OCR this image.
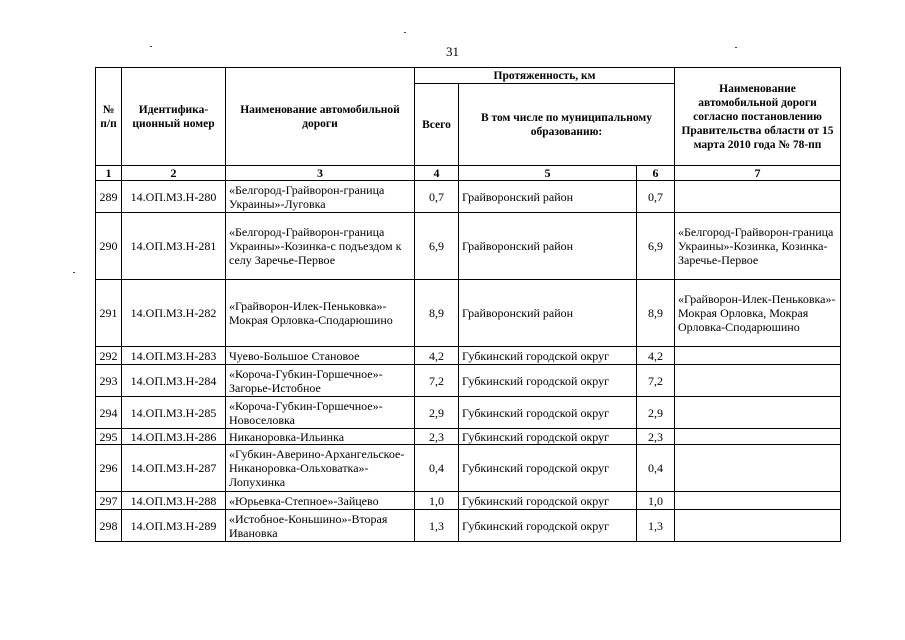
31
№ п/п	Идентифика-ционный номер	Наименование автомобильной дороги	Протяженность, км			Наименование автомобильной дороги согласно постановлению Правительства области от 15 марта 2010 года № 78-пп
			Всего	В том числе по муниципальному образованию:		
1	2	3	4	5	6	7
289	14.ОП.МЗ.Н-280	«Белгород-Грайворон-граница Украины»-Луговка	0,7	Грайворонский район	0,7	
290	14.ОП.МЗ.Н-281	«Белгород-Грайворон-граница Украины»-Козинка-с подъездом к селу Заречье-Первое	6,9	Грайворонский район	6,9	«Белгород-Грайворон-граница Украины»-Козинка, Козинка-Заречье-Первое
291	14.ОП.МЗ.Н-282	«Грайворон-Илек-Пеньковка»-Мокрая Орловка-Сподарюшино	8,9	Грайворонский район	8,9	«Грайворон-Илек-Пеньковка»-Мокрая Орловка, Мокрая Орловка-Сподарюшино
292	14.ОП.МЗ.Н-283	Чуево-Большое Становое	4,2	Губкинский городской округ	4,2	
293	14.ОП.МЗ.Н-284	«Короча-Губкин-Горшечное»-Загорье-Истобное	7,2	Губкинский городской округ	7,2	
294	14.ОП.МЗ.Н-285	«Короча-Губкин-Горшечное»-Новоселовка	2,9	Губкинский городской округ	2,9	
295	14.ОП.МЗ.Н-286	Никаноровка-Ильинка	2,3	Губкинский городской округ	2,3	
296	14.ОП.МЗ.Н-287	«Губкин-Аверино-Архангельское-Никаноровка-Ольховатка»-Лопухинка	0,4	Губкинский городской округ	0,4	
297	14.ОП.МЗ.Н-288	«Юрьевка-Степное»-Зайцево	1,0	Губкинский городской округ	1,0	
298	14.ОП.МЗ.Н-289	«Истобное-Коньшино»-Вторая Ивановка	1,3	Губкинский городской округ	1,3	
